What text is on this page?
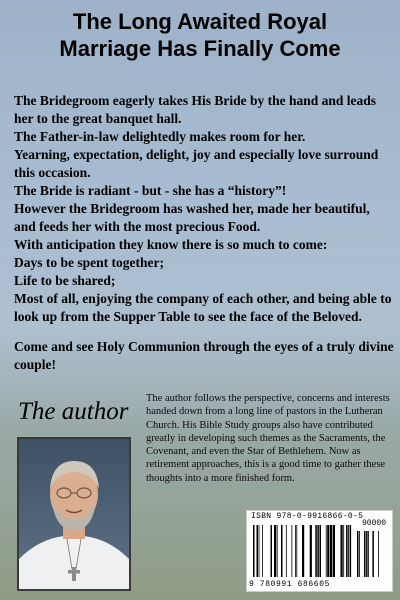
The Long Awaited Royal
Marriage Has Finally Come

The Bridegroom eagerly takes His Bride by the hand and leads her to the great banquet hall.

The Father-in-law delightedly makes room for her.

Yearning, expectation, delight, joy and especially love surround this occasion.

The Bride is radiant - but - she has a “history”!

However the Bridegroom has washed her, made her beautiful, and feeds her with the most precious Food.

With anticipation they know there is so much to come:

Days to be spent together;

Life to be shared;

Most of all, enjoying the company of each other, and being able to look up from the Supper Table to see the face of the Beloved.

Come and see Holy Communion through the eyes of a truly divine couple!
The author The author follows the perspective, concerns and interests handed down from a long line of pastors in the Lutheran Church. His Bible Study groups also have contributed greatly in developing such themes as the Sacraments, the Covenant, and even the Star of Bethlehem. Now as retirement approaches, this is a good time to gather these thoughts into a more finished form.
ISBN 978-0-9916866-0-5
90000
9 780991 686605
